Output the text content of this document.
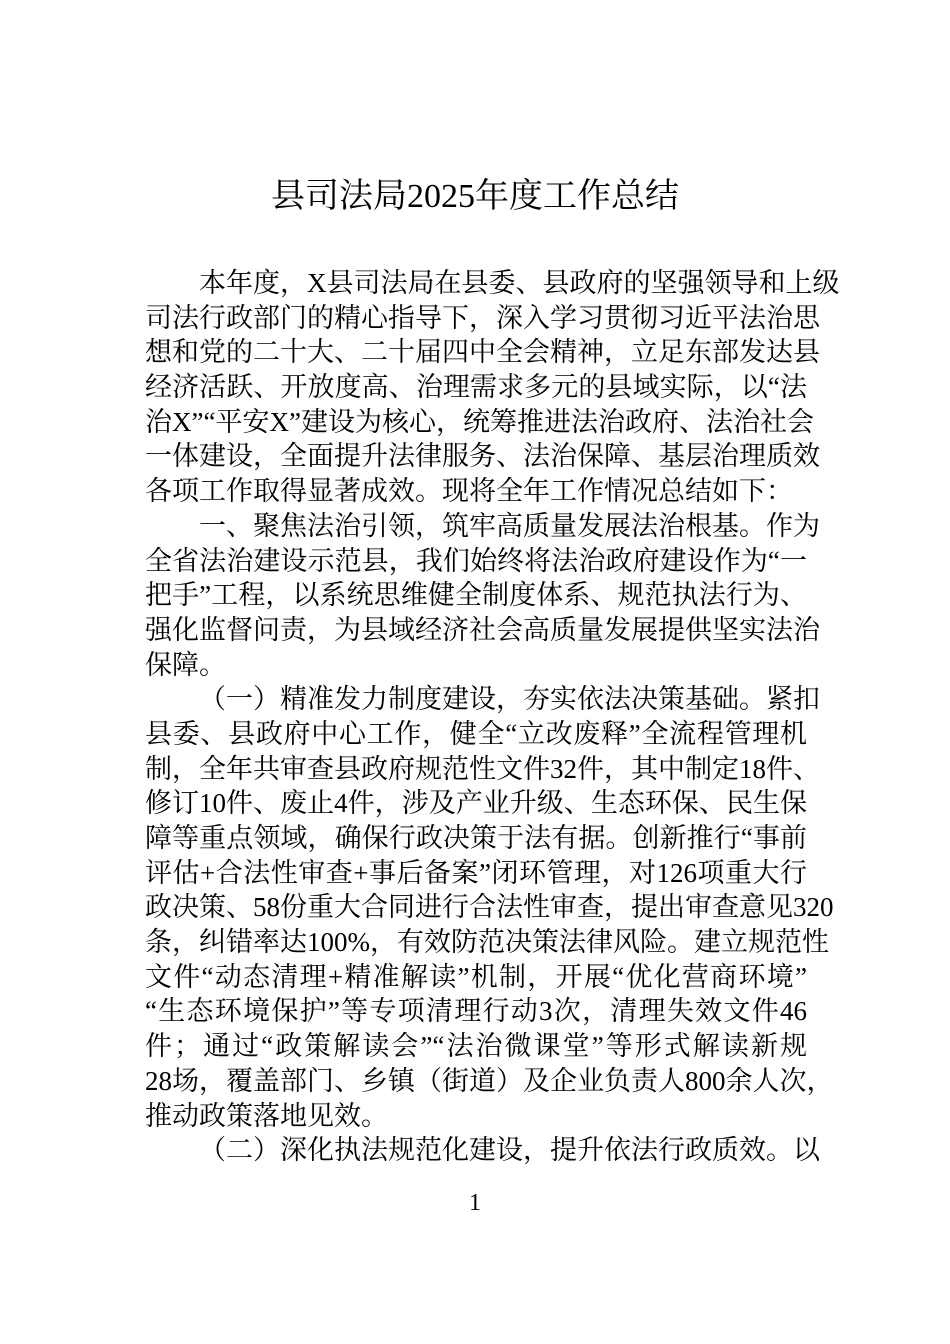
县司法局2025年度工作总结
本年度，X县司法局在县委、县政府的坚强领导和上级
司法行政部门的精心指导下，深入学习贯彻习近平法治思
想和党的二十大、二十届四中全会精神，立足东部发达县
经济活跃、开放度高、治理需求多元的县域实际，以“法
治X”“平安X”建设为核心，统筹推进法治政府、法治社会
一体建设，全面提升法律服务、法治保障、基层治理质效
各项工作取得显著成效。现将全年工作情况总结如下：
一、聚焦法治引领，筑牢高质量发展法治根基。作为
全省法治建设示范县，我们始终将法治政府建设作为“一
把手”工程，以系统思维健全制度体系、规范执法行为、
强化监督问责，为县域经济社会高质量发展提供坚实法治
保障。
（一）精准发力制度建设，夯实依法决策基础。紧扣
县委、县政府中心工作，健全“立改废释”全流程管理机
制，全年共审查县政府规范性文件32件，其中制定18件、
修订10件、废止4件，涉及产业升级、生态环保、民生保
障等重点领域，确保行政决策于法有据。创新推行“事前
评估+合法性审查+事后备案”闭环管理，对126项重大行
政决策、58份重大合同进行合法性审查，提出审查意见320
条，纠错率达100%，有效防范决策法律风险。建立规范性
文件“动态清理+精准解读”机制，开展“优化营商环境”
“生态环境保护”等专项清理行动3次，清理失效文件46
件；通过“政策解读会”“法治微课堂”等形式解读新规
28场，覆盖部门、乡镇（街道）及企业负责人800余人次，
推动政策落地见效。
（二）深化执法规范化建设，提升依法行政质效。以
1
